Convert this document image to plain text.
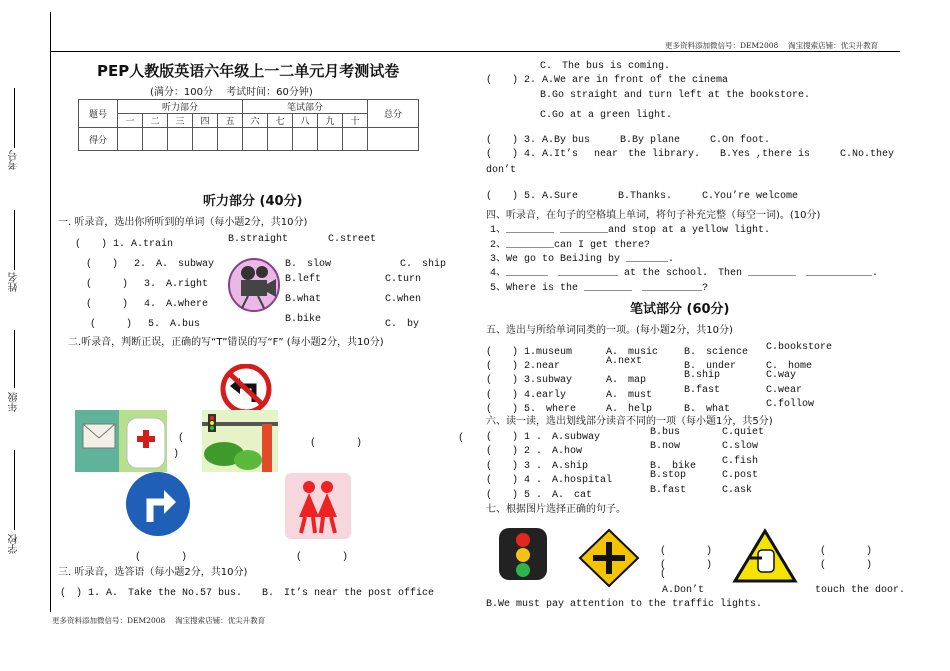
更多资料添加微信号：DEM2008　 淘宝搜索店铺：优尖升教育
更多资料添加微信号：DEM2008　 淘宝搜索店铺：优尖升教育
考号
姓名
年级
学校
PEP人教版英语六年级上一二单元月考测试卷
(满分：100分　 考试时间：60分钟)
题号	听力部分					笔试部分					总分
	一	二	三	四	五	六	七	八	九	十	
得分											
听力部分 (40分)
一. 听录音，选出你所听到的单词（每小题2分，共10分)
(　　) 1. A.train	B.straight	C.street
(　　)　 2.　A.　subway	B.　slow	C.　ship
(　　　)　 3.　A.right	B.left	C.turn
(　　　)　 4.　A.where	B.what	C.when
(　　　)　 5.　A.bus	B.bike	C.　by
二.听录音，判断正误，正确的写“T”错误的写“F” (每小题2分，共10分)
(
)
(　　　　)	(
(　　　　)	(　　　　)
三. 听录音，选答语（每小题2分，共10分)
(　) 1. A.　Take the No.57 bus.　　B.　It’s near the post office
C.　The bus is coming.
(　　) 2. A.We are in front of the cinema
B.Go straight and turn left at the bookstore.
C.Go at a green light.
(　　) 3. A.By bus　　　B.By plane　　　C.On foot.
(　　) 4. A.It’s　 near　the library.　　B.Yes ,there is　　　C.No.they
don’t
(　　) 5. A.Sure　　　　B.Thanks.　　　C.You’re welcome
四、听录音，在句子的空格填上单词，将句子补充完整（每空一词)。(10分)
1、________ ________and stop at a yellow light.
2、________can I get there?
3、We go to BeiJing by _______.
4、_______　__________ at the school.　Then ________　___________.
5、Where is the ________　__________?
笔试部分 (60分)
五、选出与所给单词同类的一项。(每小题2分，共10分)
(　　) 1.museum	A.　music	B.　science C.bookstore
(　　) 2.near	A.next	B.　under	C.　home
(　　) 3.subway	A.　map	B.ship	C.way
(　　) 4.early	A.　must	B.fast	C.wear
(　　) 5.　where	A.　help	B.　what	C.follow
六、读一读，选出划线部分读音不同的一项（每小题1分，共5分)
(　　) 1 .　A.subway	B.bus	C.quiet
(　　) 2 .　A.how	B.now	C.slow
(　　) 3 .　A.ship	B.　bike	C.fish
(　　) 4 .　A.hospital	B.stop	C.post
(　　) 5 .　A.　cat	B.fast	C.ask
七、根据图片选择正确的句子。
(　　　　)
(　　　　)
(
(　　　　)
(　　　　)
A.Don’t	touch the door.
B.We must pay attention to the traffic lights.
